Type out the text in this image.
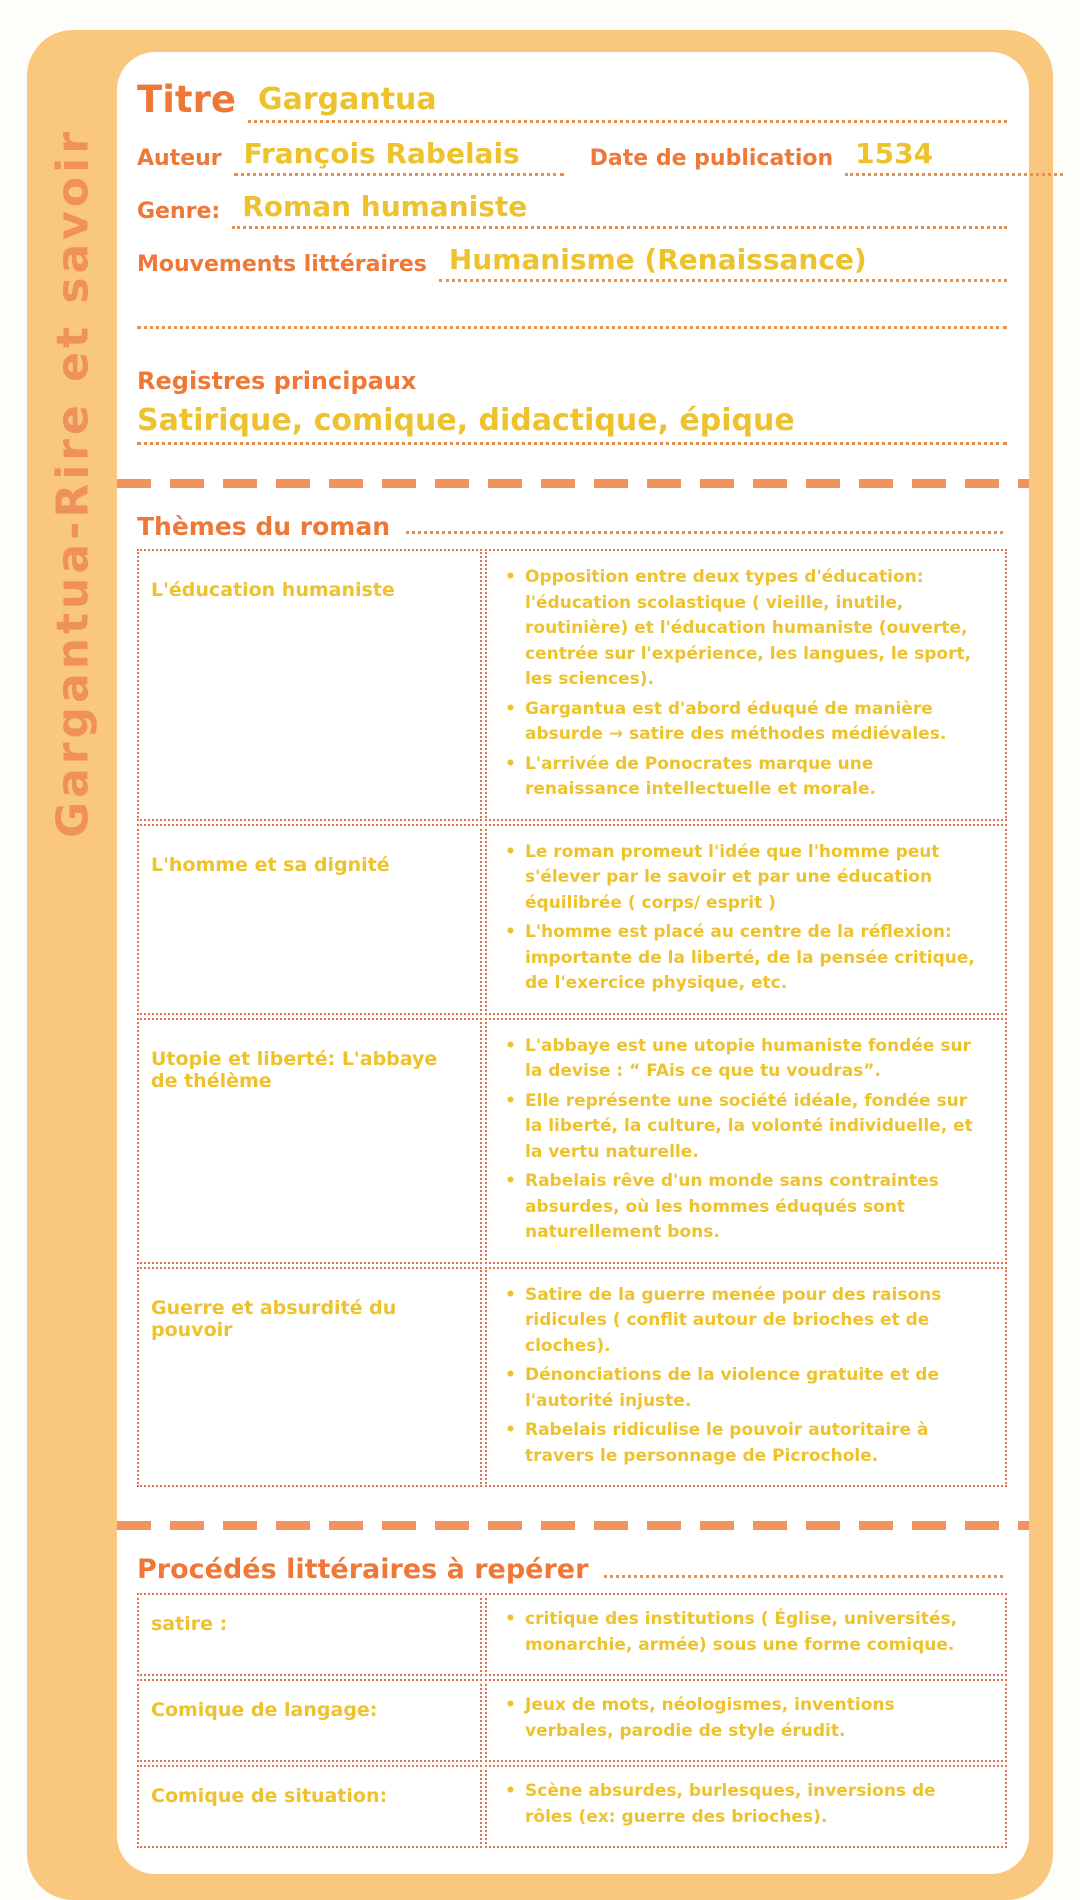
Gargantua-Rire et savoir
Titre Gargantua
Auteur François Rabelais	Date de publication 1534
Genre: Roman humaniste
Mouvements littéraires Humanisme (Renaissance)
Registres principaux
Satirique, comique, didactique, épique
Thèmes du roman
L'éducation humaniste
• Opposition entre deux types d'éducation: l'éducation scolastique ( vieille, inutile, routinière) et l'éducation humaniste (ouverte, centrée sur l'expérience, les langues, le sport, les sciences).
• Gargantua est d'abord éduqué de manière absurde → satire des méthodes médiévales.
• L'arrivée de Ponocrates marque une renaissance intellectuelle et morale.
L'homme et sa dignité
• Le roman promeut l'idée que l'homme peut s'élever par le savoir et par une éducation équilibrée ( corps/ esprit )
• L'homme est placé au centre de la réflexion: importante de la liberté, de la pensée critique, de l'exercice physique, etc.
Utopie et liberté: L'abbaye de thélème
• L'abbaye est une utopie humaniste fondée sur la devise : “ FAis ce que tu voudras”.
• Elle représente une société idéale, fondée sur la liberté, la culture, la volonté individuelle, et la vertu naturelle.
• Rabelais rêve d'un monde sans contraintes absurdes, où les hommes éduqués sont naturellement bons.
Guerre et absurdité du pouvoir
• Satire de la guerre menée pour des raisons ridicules ( conflit autour de brioches et de cloches).
• Dénonciations de la violence gratuite et de l'autorité injuste.
• Rabelais ridiculise le pouvoir autoritaire à travers le personnage de Picrochole.
Procédés littéraires à repérer
satire :	• critique des institutions ( Église, universités, monarchie, armée) sous une forme comique.
Comique de langage:	• Jeux de mots, néologismes, inventions verbales, parodie de style érudit.
Comique de situation:	• Scène absurdes, burlesques, inversions de rôles (ex: guerre des brioches).
